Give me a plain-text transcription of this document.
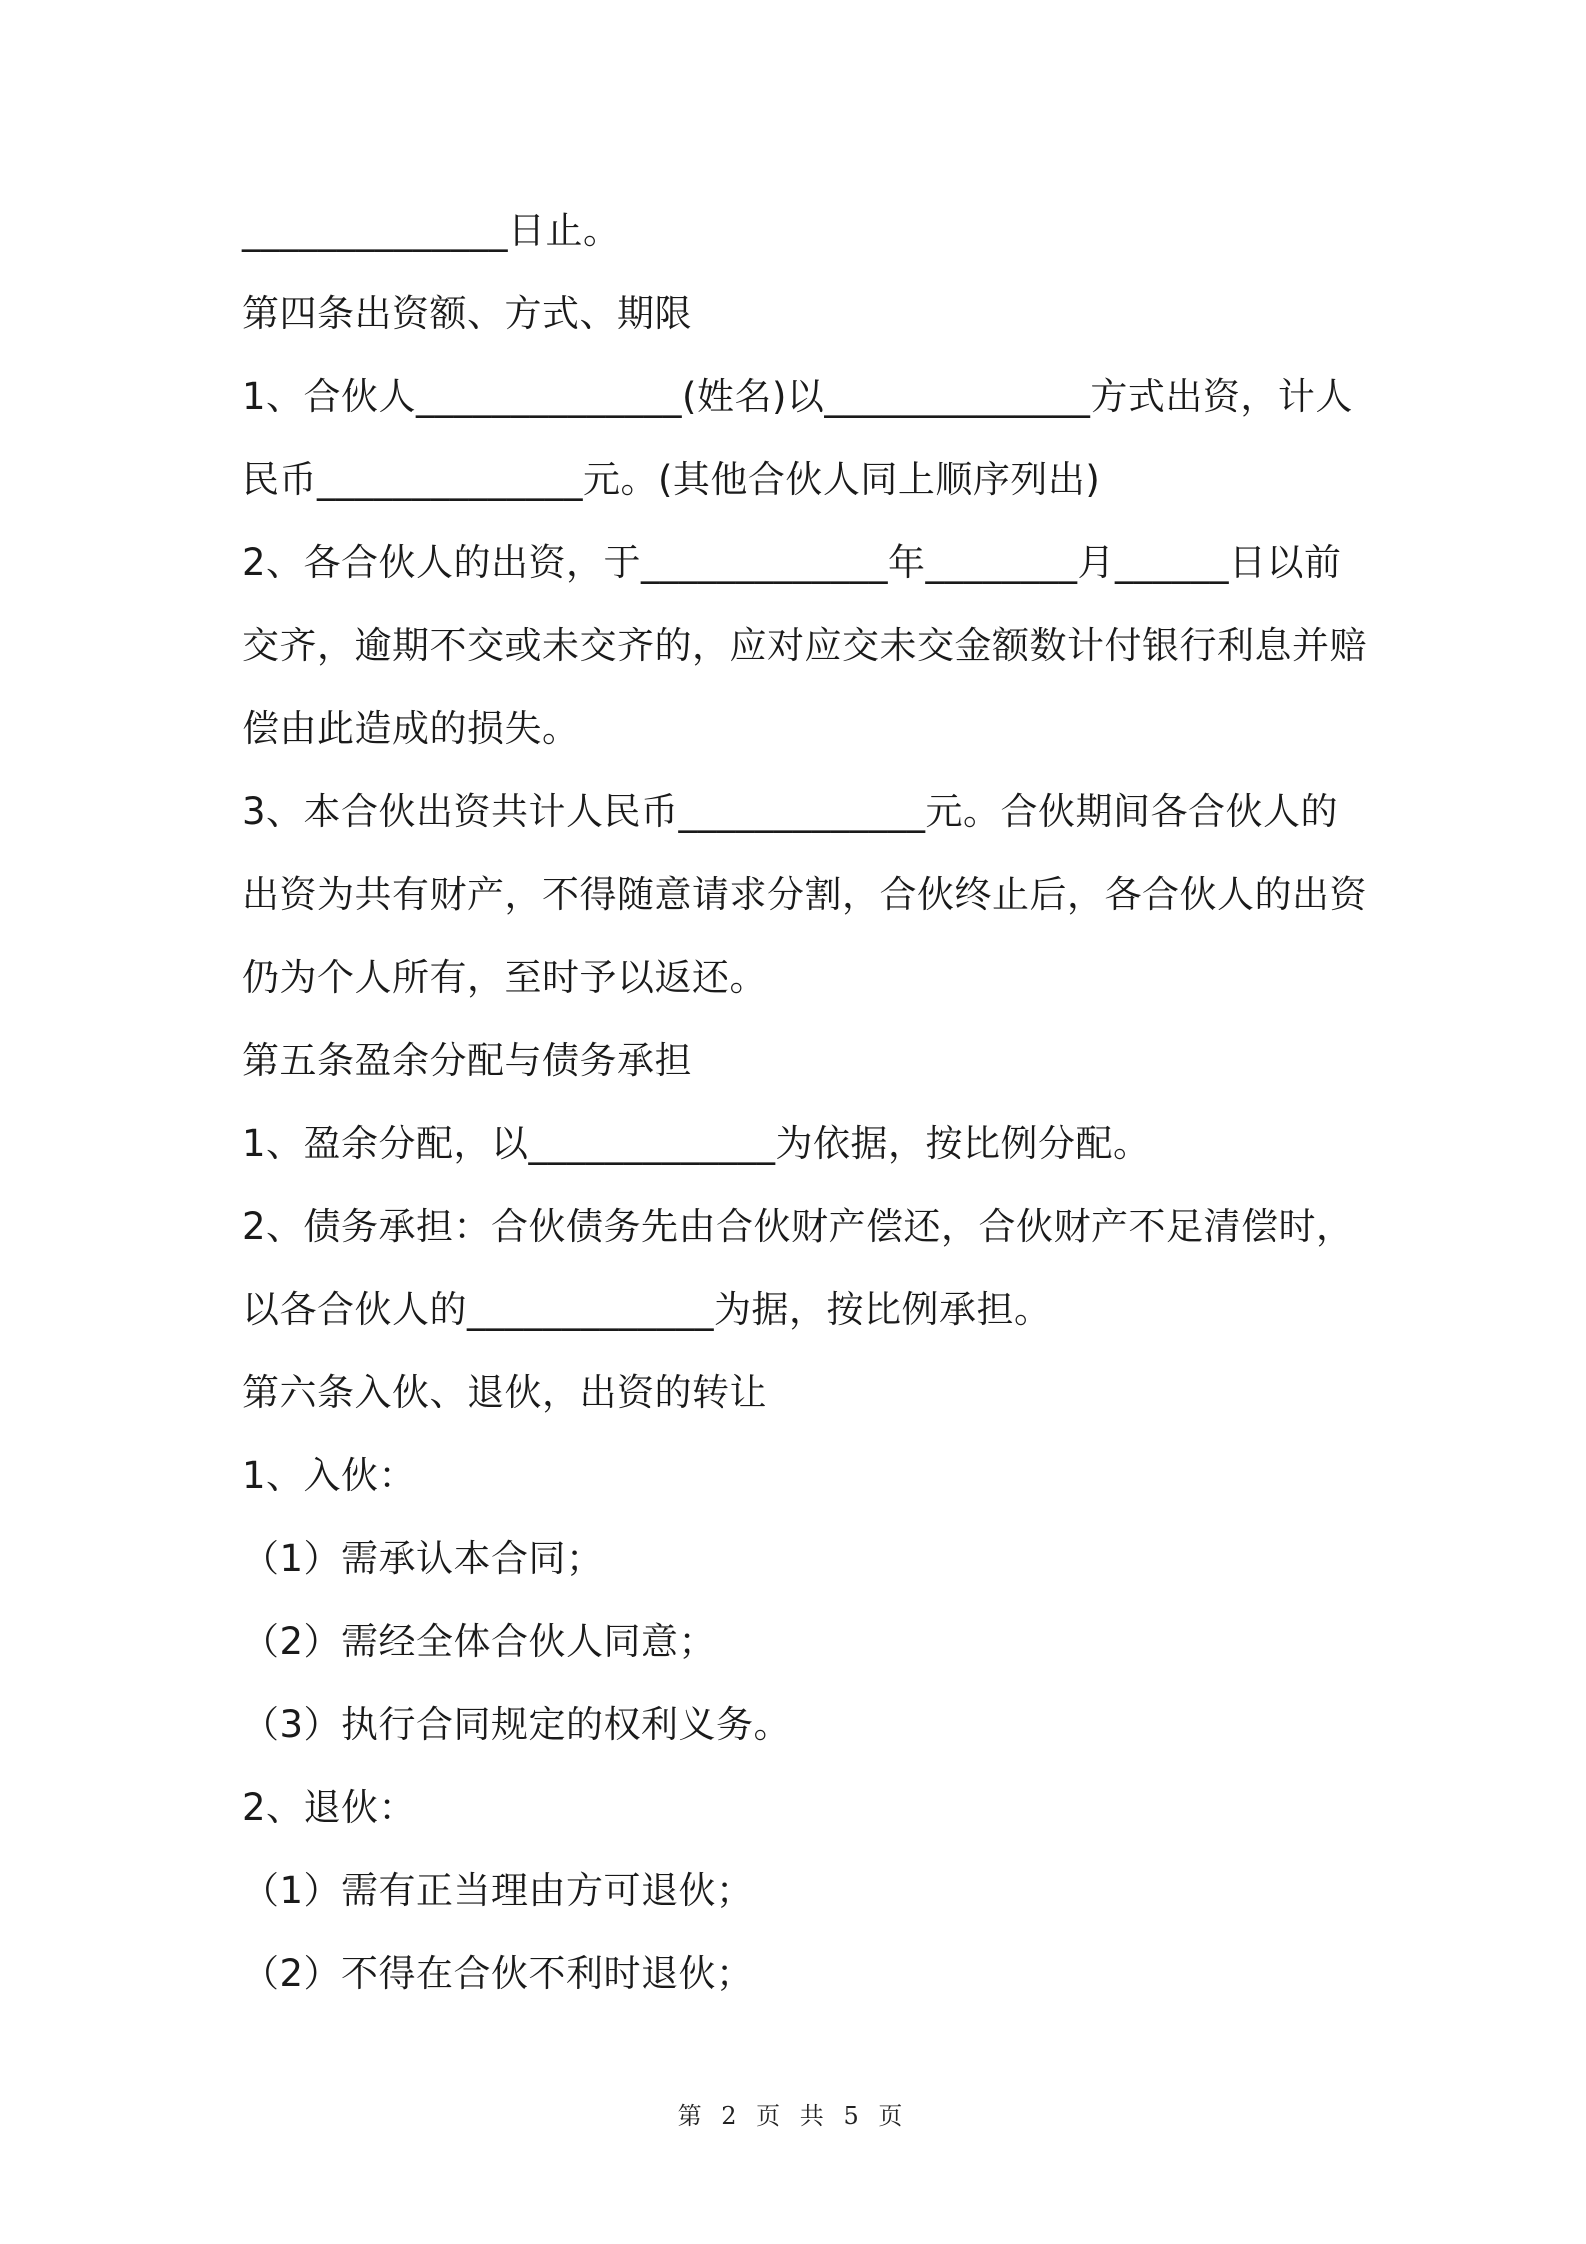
______________日止。
第四条出资额、方式、期限
1、合伙人______________(姓名)以______________方式出资，计人
民币______________元。(其他合伙人同上顺序列出)
2、各合伙人的出资，于_____________年________月______日以前
交齐，逾期不交或未交齐的，应对应交未交金额数计付银行利息并赔
偿由此造成的损失。
3、本合伙出资共计人民币_____________元。合伙期间各合伙人的
出资为共有财产，不得随意请求分割，合伙终止后，各合伙人的出资
仍为个人所有，至时予以返还。
第五条盈余分配与债务承担
1、盈余分配，以_____________为依据，按比例分配。
2、债务承担：合伙债务先由合伙财产偿还，合伙财产不足清偿时，
以各合伙人的_____________为据，按比例承担。
第六条入伙、退伙，出资的转让
1、入伙：
（1）需承认本合同；
（2）需经全体合伙人同意；
（3）执行合同规定的权利义务。
2、退伙：
（1）需有正当理由方可退伙；
（2）不得在合伙不利时退伙；
第 2 页 共 5 页
